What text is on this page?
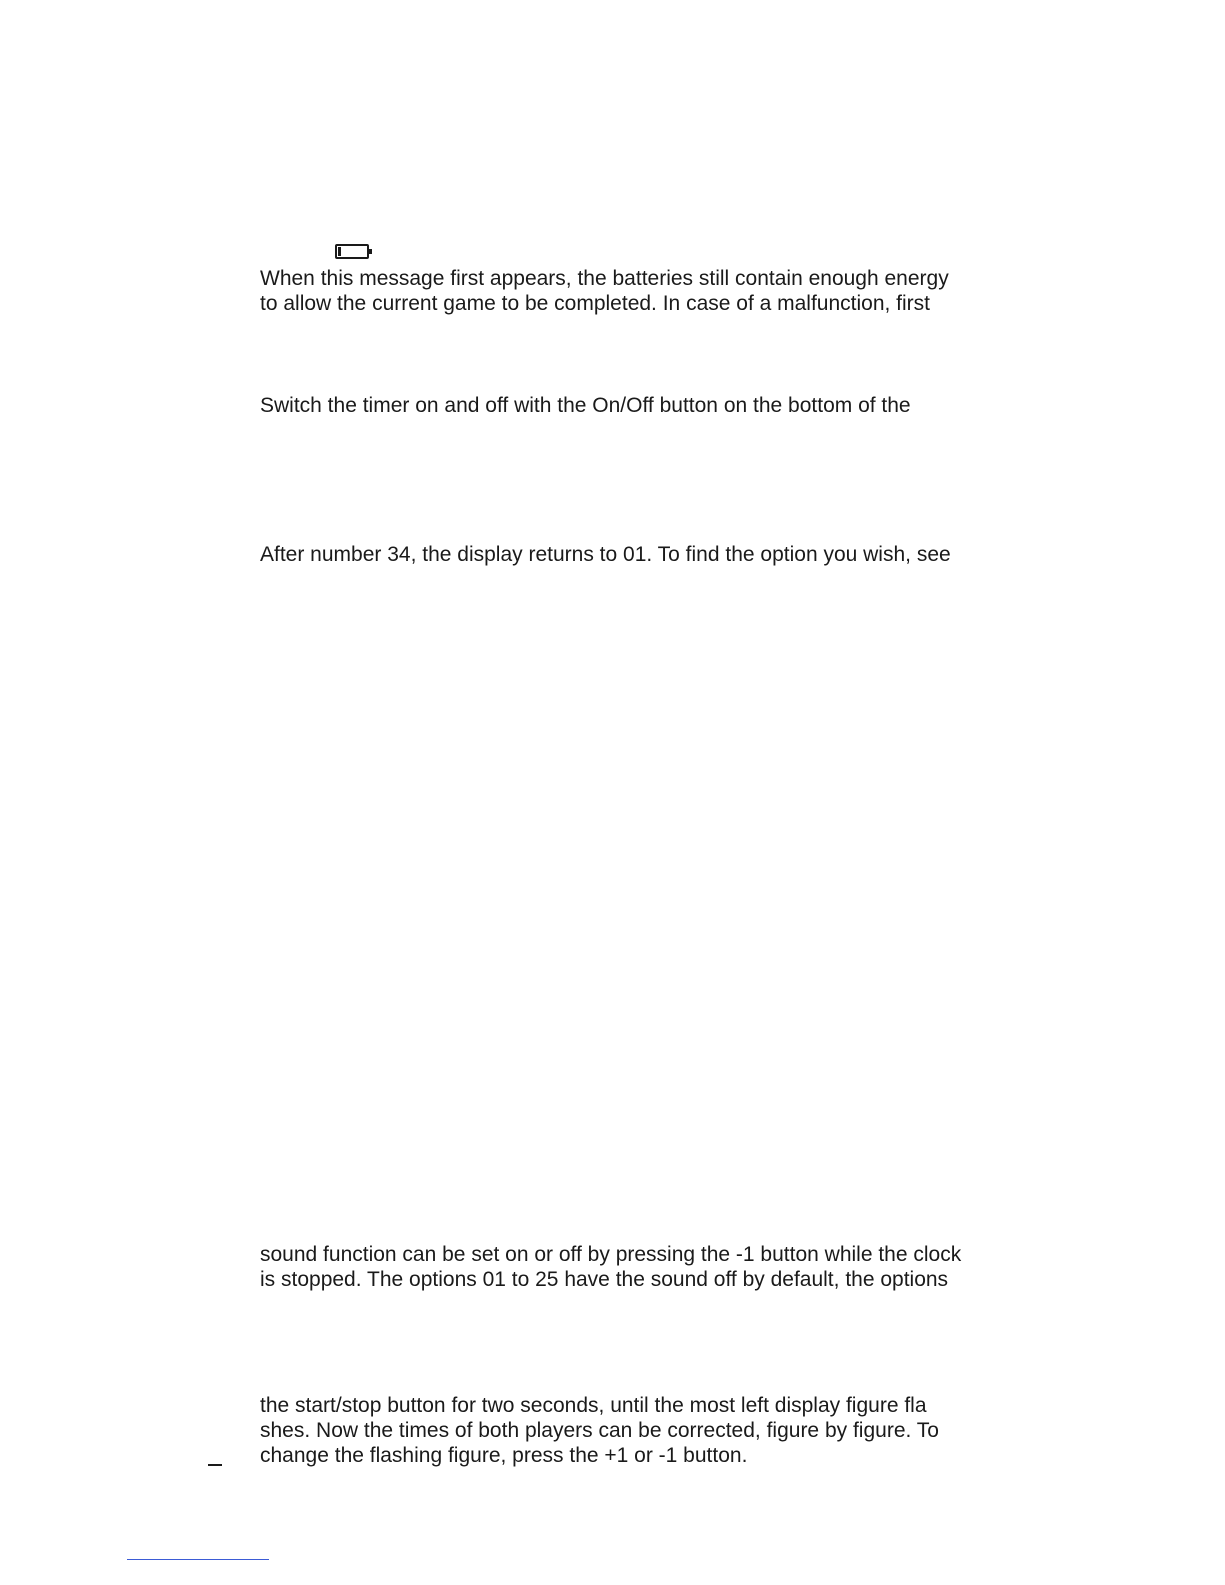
When this message first appears, the batteries still contain enough energy
to allow the current game to be completed. In case of a malfunction, first
Switch the timer on and off with the On/Off button on the bottom of the
After number 34, the display returns to 01. To find the option you wish, see
sound function can be set on or off by pressing the -1 button while the clock
is stopped. The options 01 to 25 have the sound off by default, the options
the start/stop button for two seconds, until the most left display figure fla
shes. Now the times of both players can be corrected, figure by figure. To
change the flashing figure, press the +1 or -1 button.
